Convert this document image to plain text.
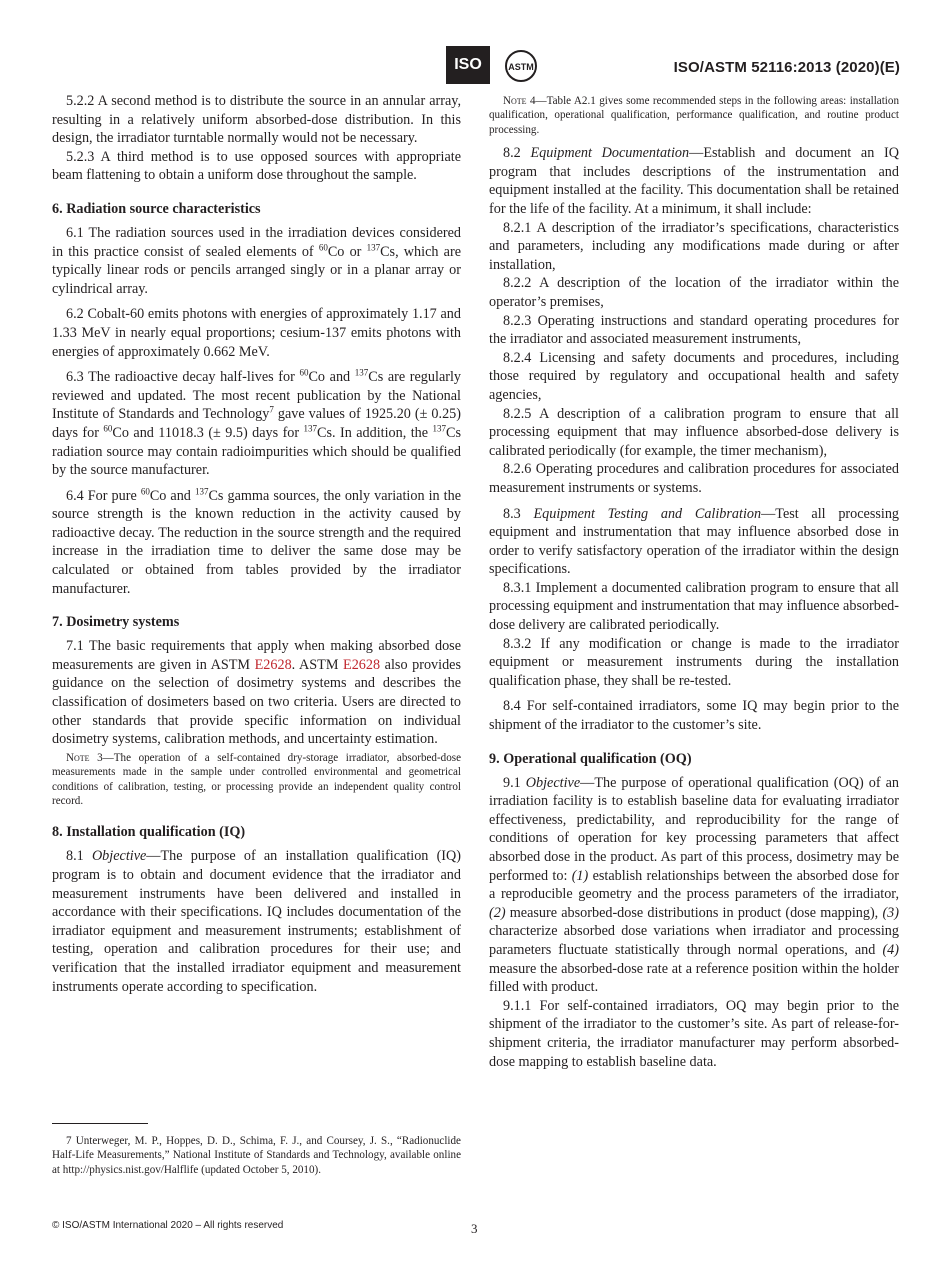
ISO	ASTM	ISO/ASTM 52116:2013 (2020)(E)

5.2.2 A second method is to distribute the source in an annular array, resulting in a relatively uniform absorbed-dose distribution. In this design, the irradiator turntable normally would not be necessary.

5.2.3 A third method is to use opposed sources with appropriate beam flattening to obtain a uniform dose throughout the sample.

6. Radiation source characteristics

6.1 The radiation sources used in the irradiation devices considered in this practice consist of sealed elements of $^{60}$Co or $^{137}$Cs, which are typically linear rods or pencils arranged singly or in a planar array or cylindrical array.

6.2 Cobalt-60 emits photons with energies of approximately 1.17 and 1.33 MeV in nearly equal proportions; cesium-137 emits photons with energies of approximately 0.662 MeV.

6.3 The radioactive decay half-lives for $^{60}$Co and $^{137}$Cs are regularly reviewed and updated. The most recent publication by the National Institute of Standards and Technology$^7$ gave values of 1925.20 (± 0.25) days for $^{60}$Co and 11018.3 (± 9.5) days for $^{137}$Cs. In addition, the $^{137}$Cs radiation source may contain radioimpurities which should be qualified by the source manufacturer.

6.4 For pure $^{60}$Co and $^{137}$Cs gamma sources, the only variation in the source strength is the known reduction in the activity caused by radioactive decay. The reduction in the source strength and the required increase in the irradiation time to deliver the same dose may be calculated or obtained from tables provided by the irradiator manufacturer.

7. Dosimetry systems

7.1 The basic requirements that apply when making absorbed dose measurements are given in ASTM E2628. ASTM E2628 also provides guidance on the selection of dosimetry systems and describes the classification of dosimeters based on two criteria. Users are directed to other standards that provide specific information on individual dosimetry systems, calibration methods, and uncertainty estimation.

Note 3—The operation of a self-contained dry-storage irradiator, absorbed-dose measurements made in the sample under controlled environmental and geometrical conditions of calibration, testing, or processing provide an independent quality control record.

8. Installation qualification (IQ)

8.1 Objective—The purpose of an installation qualification (IQ) program is to obtain and document evidence that the irradiator and measurement instruments have been delivered and installed in accordance with their specifications. IQ includes documentation of the irradiator equipment and measurement instruments; establishment of testing, operation and calibration procedures for their use; and verification that the installed irradiator equipment and measurement instruments operate according to specification.

7 Unterweger, M. P., Hoppes, D. D., Schima, F. J., and Coursey, J. S., “Radionuclide Half-Life Measurements,” National Institute of Standards and Technology, available online at http://physics.nist.gov/Halflife (updated October 5, 2010).

Note 4—Table A2.1 gives some recommended steps in the following areas: installation qualification, operational qualification, performance qualification, and routine product processing.

8.2 Equipment Documentation—Establish and document an IQ program that includes descriptions of the instrumentation and equipment installed at the facility. This documentation shall be retained for the life of the facility. At a minimum, it shall include:

8.2.1 A description of the irradiator’s specifications, characteristics and parameters, including any modifications made during or after installation,

8.2.2 A description of the location of the irradiator within the operator’s premises,

8.2.3 Operating instructions and standard operating procedures for the irradiator and associated measurement instruments,

8.2.4 Licensing and safety documents and procedures, including those required by regulatory and occupational health and safety agencies,

8.2.5 A description of a calibration program to ensure that all processing equipment that may influence absorbed-dose delivery is calibrated periodically (for example, the timer mechanism),

8.2.6 Operating procedures and calibration procedures for associated measurement instruments or systems.

8.3 Equipment Testing and Calibration—Test all processing equipment and instrumentation that may influence absorbed dose in order to verify satisfactory operation of the irradiator within the design specifications.

8.3.1 Implement a documented calibration program to ensure that all processing equipment and instrumentation that may influence absorbed-dose delivery are calibrated periodically.

8.3.2 If any modification or change is made to the irradiator equipment or measurement instruments during the installation qualification phase, they shall be re-tested.

8.4 For self-contained irradiators, some IQ may begin prior to the shipment of the irradiator to the customer’s site.

9. Operational qualification (OQ)

9.1 Objective—The purpose of operational qualification (OQ) of an irradiation facility is to establish baseline data for evaluating irradiator effectiveness, predictability, and reproducibility for the range of conditions of operation for key processing parameters that affect absorbed dose in the product. As part of this process, dosimetry may be performed to: (1) establish relationships between the absorbed dose for a reproducible geometry and the process parameters of the irradiator, (2) measure absorbed-dose distributions in product (dose mapping), (3) characterize absorbed dose variations when irradiator and processing parameters fluctuate statistically through normal operations, and (4) measure the absorbed-dose rate at a reference position within the holder filled with product.

9.1.1 For self-contained irradiators, OQ may begin prior to the shipment of the irradiator to the customer’s site. As part of release-for-shipment criteria, the irradiator manufacturer may perform absorbed-dose mapping to establish baseline data.

© ISO/ASTM International 2020 – All rights reserved	3
